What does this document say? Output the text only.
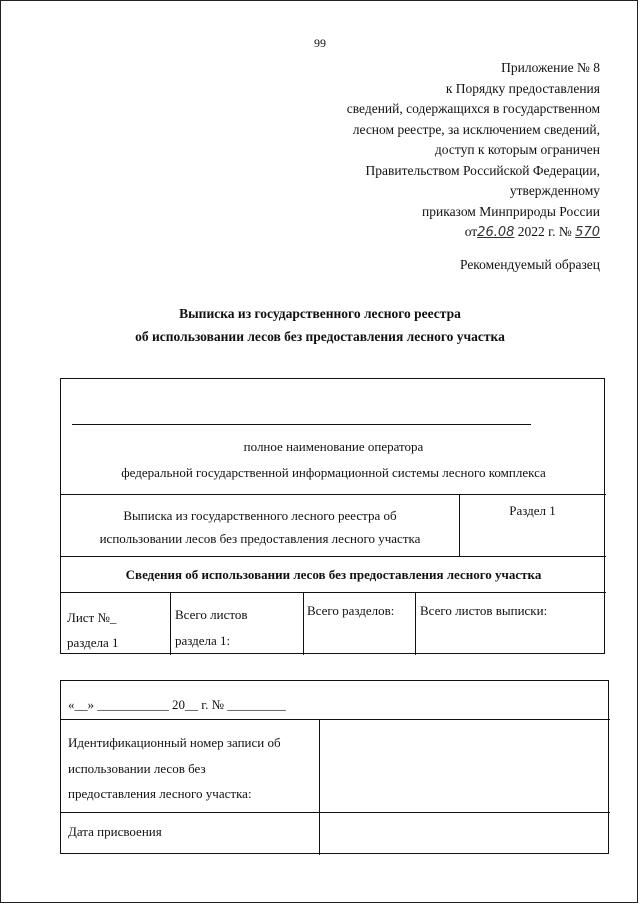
99
Приложение № 8
к Порядку предоставления
сведений, содержащихся в государственном
лесном реестре, за исключением сведений,
доступ к которым ограничен
Правительством Российской Федерации,
утвержденному
приказом Минприроды России
от26.08 2022 г. № 570
Рекомендуемый образец
Выписка из государственного лесного реестра
об использовании лесов без предоставления лесного участка
полное наименование оператора
федеральной государственной информационной системы лесного комплекса
Выписка из государственного лесного реестра об
использовании лесов без предоставления лесного участка
Раздел 1
Сведения об использовании лесов без предоставления лесного участка
Лист №_
раздела 1
Всего листов
раздела 1:
Всего разделов: Всего листов выписки:
«__» ___________ 20__ г. № _________
Идентификационный номер записи об
использовании лесов без
предоставления лесного участка:
Дата присвоения
